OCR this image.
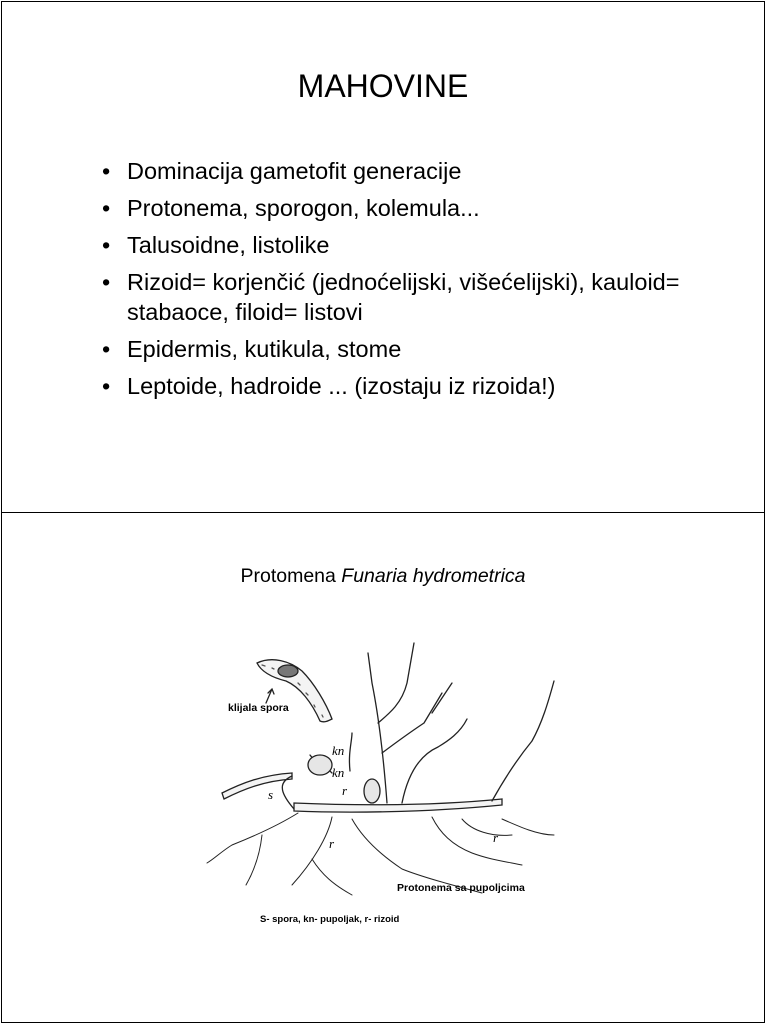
MAHOVINE
• Dominacija gametofit generacije
• Protonema, sporogon, kolemula...
• Talusoidne, listolike
• Rizoid= korjenčić (jednoćelijski, višećelijski), kauloid= stabaoce, filoid= listovi
• Epidermis, kutikula, stome
• Leptoide, hadroide ... (izostaju iz rizoida!)
Protomena Funaria hydrometrica
klijala spora
kn
kn
r
s
r	r
Protonema sa pupoljcima
S- spora, kn- pupoljak, r- rizoid
